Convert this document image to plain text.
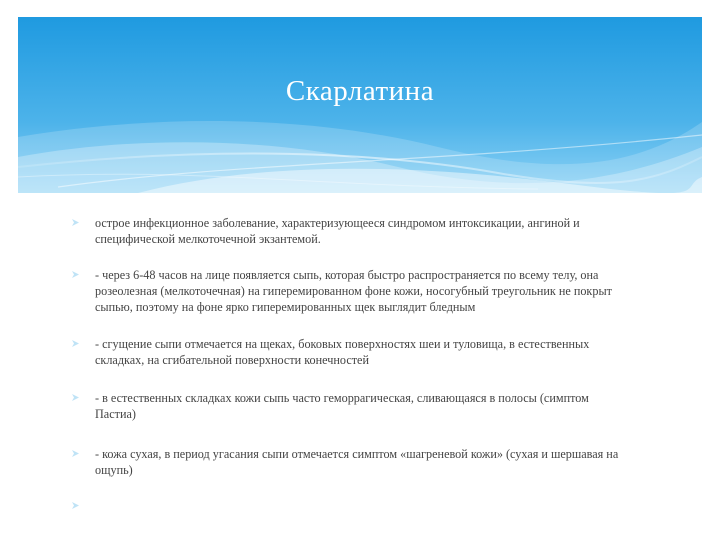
Скарлатина
острое инфекционное заболевание, характеризующееся синдромом интоксикации, ангиной и специфической мелкоточечной экзантемой.
- через 6-48 часов на лице появляется сыпь, которая быстро распространяется по всему телу, она розеолезная (мелкоточечная) на гиперемированном фоне кожи, носогубный треугольник не покрыт сыпью, поэтому на фоне ярко гиперемированных щек выглядит бледным
- сгущение сыпи отмечается на щеках, боковых поверхностях шеи и туловища, в естественных складках, на сгибательной поверхности конечностей
- в естественных складках кожи сыпь часто геморрагическая, сливающаяся в полосы (симптом Пастиа)
- кожа сухая, в период угасания сыпи отмечается симптом «шагреневой кожи» (сухая и шершавая на ощупь)
